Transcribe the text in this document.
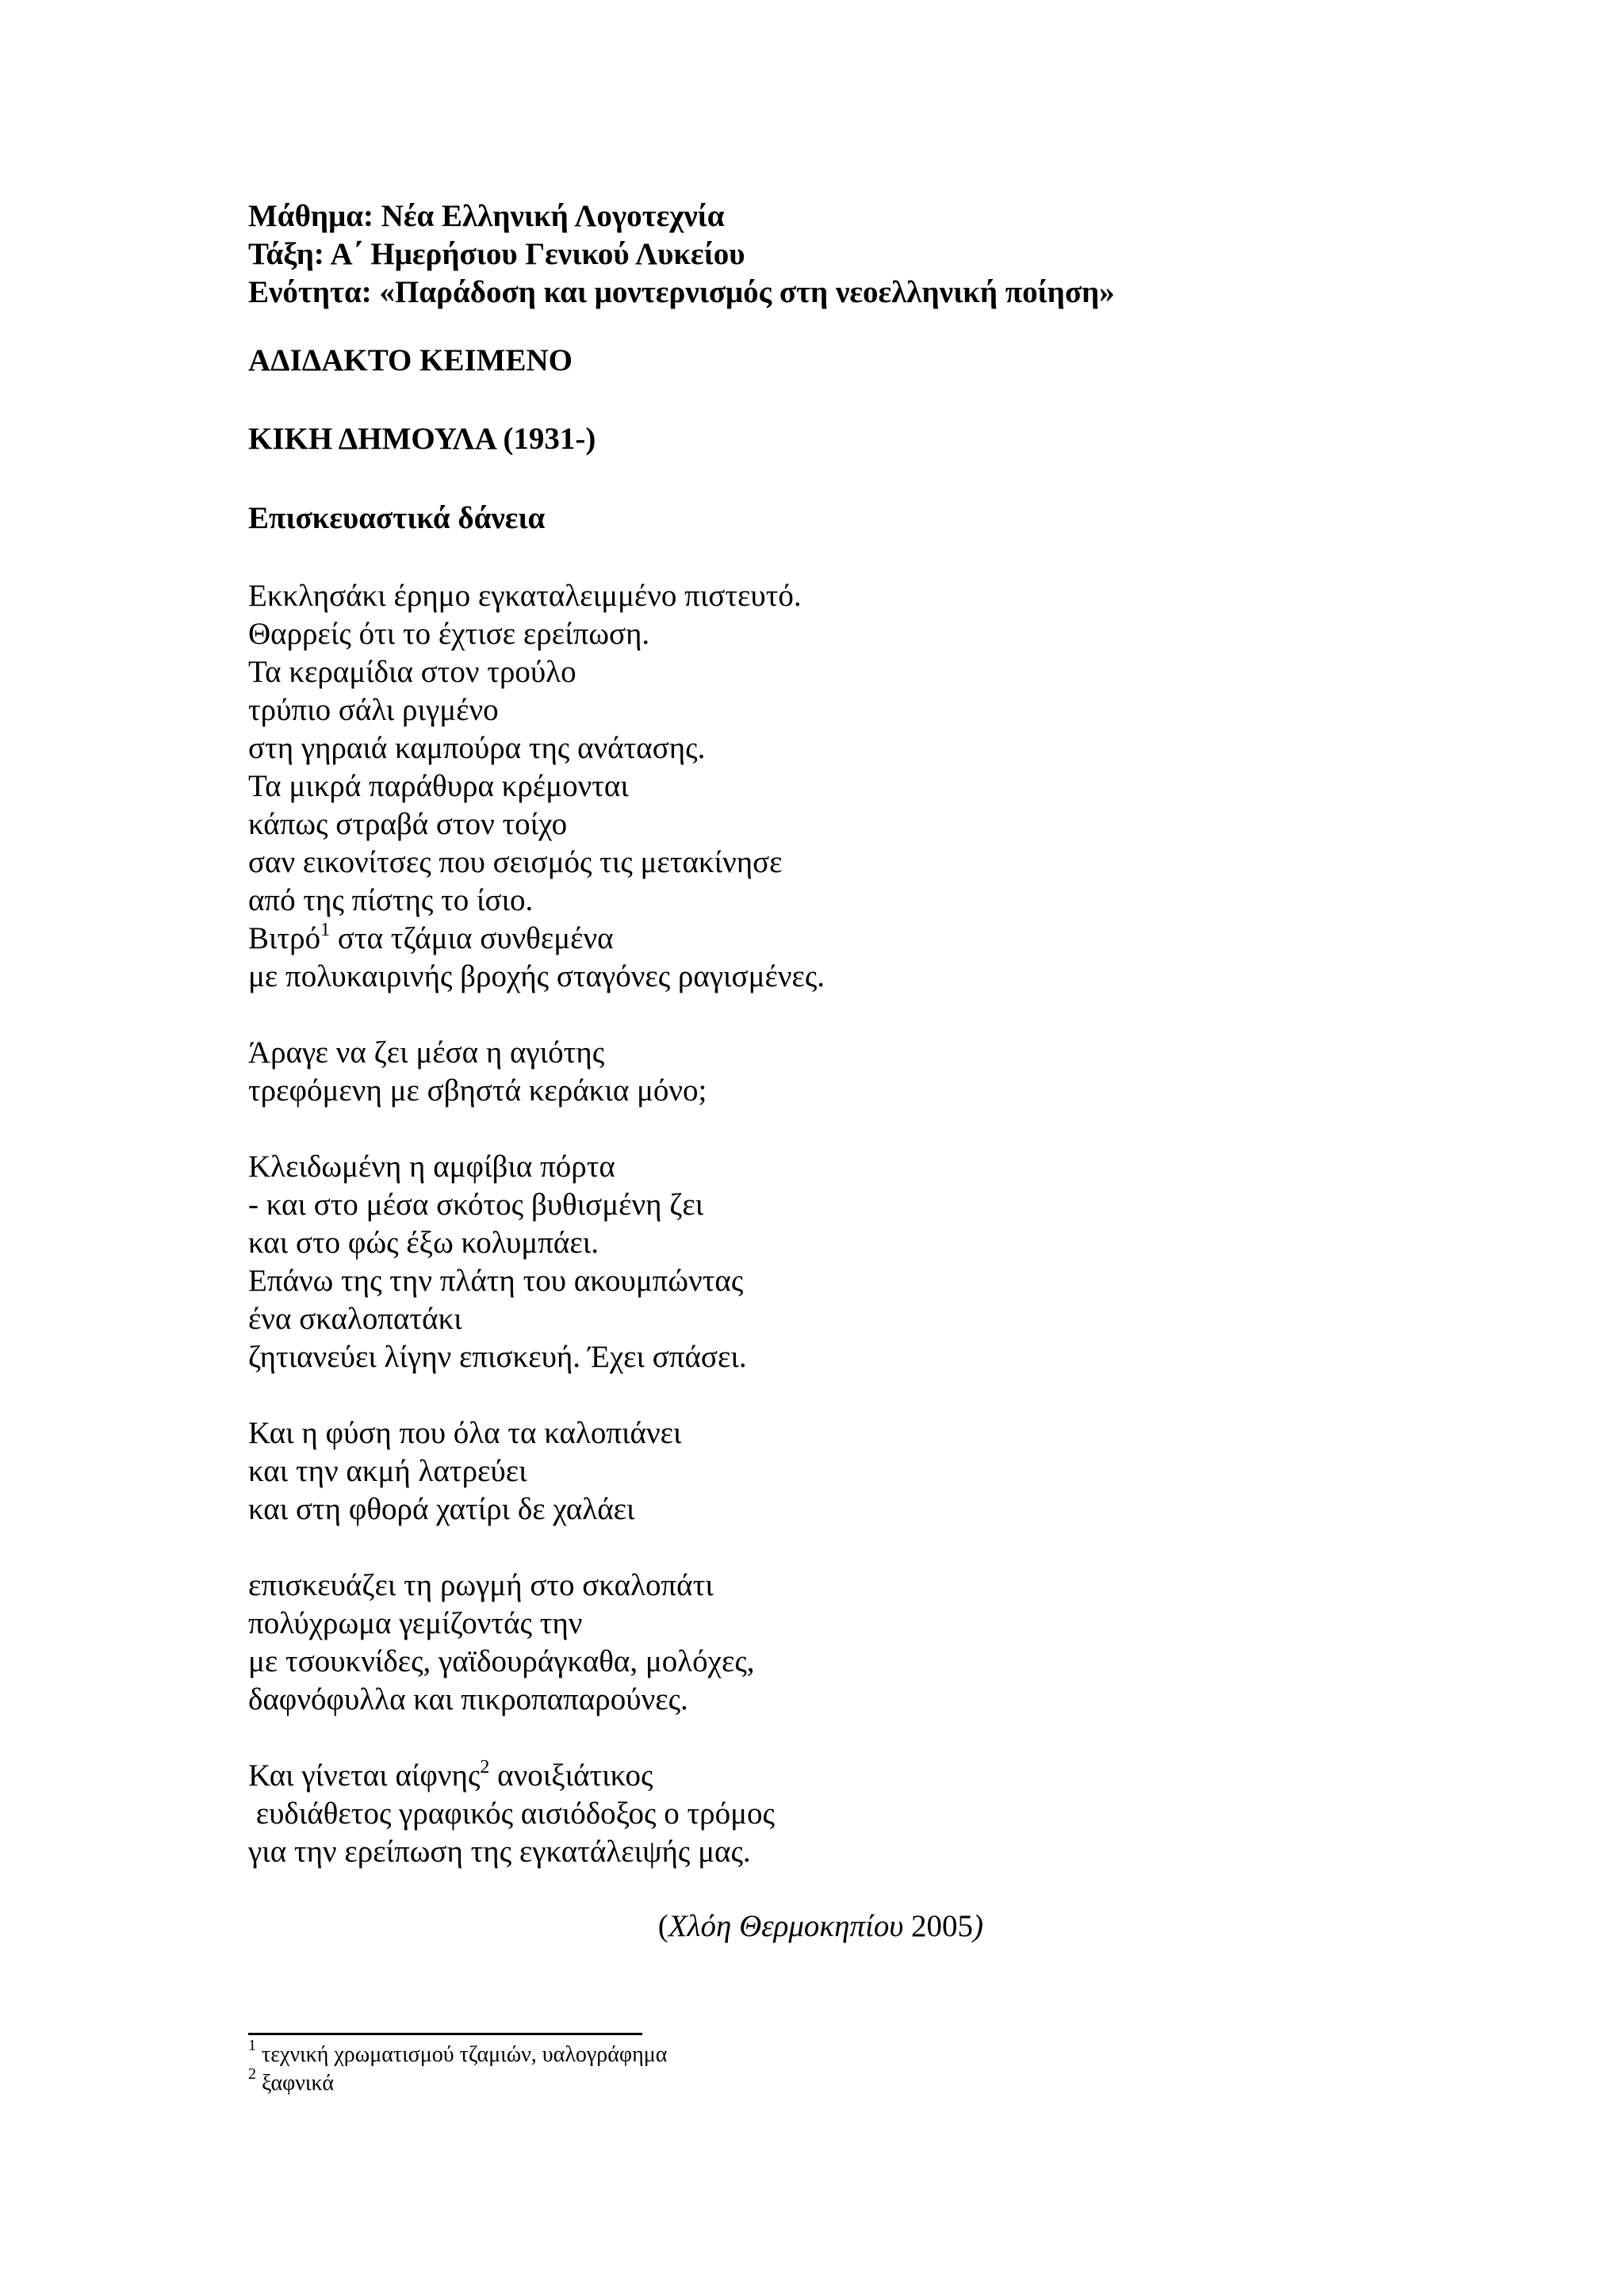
Μάθημα: Νέα Ελληνική Λογοτεχνία
Τάξη: Α΄ Ημερήσιου Γενικού Λυκείου
Ενότητα: «Παράδοση και μοντερνισμός στη νεοελληνική ποίηση»
ΑΔΙΔΑΚΤΟ ΚΕΙΜΕΝΟ
ΚΙΚΗ ΔΗΜΟΥΛΑ (1931-)
Επισκευαστικά δάνεια
Εκκλησάκι έρημο εγκαταλειμμένο πιστευτό.
Θαρρείς ότι το έχτισε ερείπωση.
Τα κεραμίδια στον τρούλο
τρύπιο σάλι ριγμένο
στη γηραιά καμπούρα της ανάτασης.
Τα μικρά παράθυρα κρέμονται
κάπως στραβά στον τοίχο
σαν εικονίτσες που σεισμός τις μετακίνησε
από της πίστης το ίσιο.
Βιτρό$^1$ στα τζάμια συνθεμένα
με πολυκαιρινής βροχής σταγόνες ραγισμένες.
Άραγε να ζει μέσα η αγιότης
τρεφόμενη με σβηστά κεράκια μόνο;
Κλειδωμένη η αμφίβια πόρτα
- και στο μέσα σκότος βυθισμένη ζει
και στο φώς έξω κολυμπάει.
Επάνω της την πλάτη του ακουμπώντας
ένα σκαλοπατάκι
ζητιανεύει λίγην επισκευή. Έχει σπάσει.
Και η φύση που όλα τα καλοπιάνει
και την ακμή λατρεύει
και στη φθορά χατίρι δε χαλάει
επισκευάζει τη ρωγμή στο σκαλοπάτι
πολύχρωμα γεμίζοντάς την
με τσουκνίδες, γαϊδουράγκαθα, μολόχες,
δαφνόφυλλα και πικροπαπαρούνες.
Και γίνεται αίφνης$^2$ ανοιξιάτικος
ευδιάθετος γραφικός αισιόδοξος ο τρόμος
για την ερείπωση της εγκατάλειψής μας.
(Χλόη Θερμοκηπίου 2005)
$^1$ τεχνική χρωματισμού τζαμιών, υαλογράφημα
$^2$ ξαφνικά
